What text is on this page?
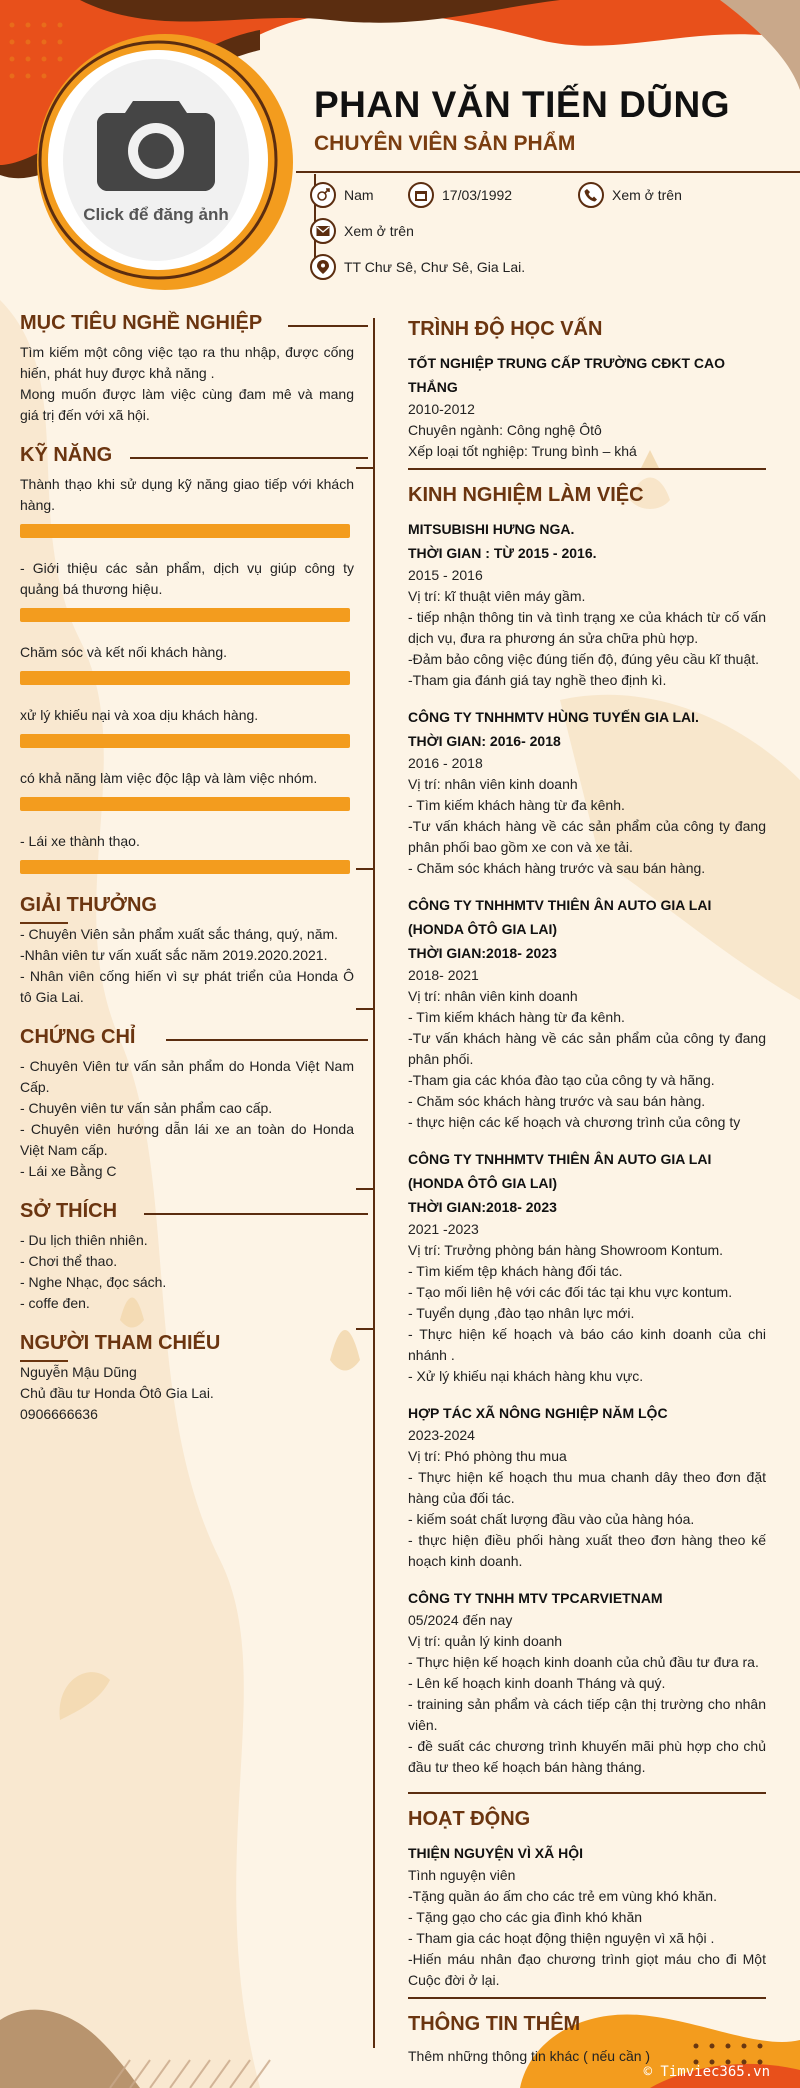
Click để đăng ảnh
PHAN VĂN TIẾN DŨNG
CHUYÊN VIÊN SẢN PHẨM
Nam	17/03/1992	Xem ở trên
Xem ở trên
TT Chư Sê, Chư Sê, Gia Lai.
MỤC TIÊU NGHỀ NGHIỆP
Tìm kiếm một công việc tạo ra thu nhập, được cống hiến, phát huy được khả năng .
Mong muốn được làm việc cùng đam mê và mang giá trị đến với xã hội.
KỸ NĂNG
Thành thạo khi sử dụng kỹ năng giao tiếp với khách hàng.
- Giới thiệu các sản phẩm, dịch vụ giúp công ty quảng bá thương hiệu.
Chăm sóc và kết nối khách hàng.
xử lý khiếu nại và xoa dịu khách hàng.
có khả năng làm việc độc lập và làm việc nhóm.
- Lái xe thành thạo.
GIẢI THƯỞNG
- Chuyên Viên sản phẩm xuất sắc tháng, quý, năm.
-Nhân viên tư vấn xuất sắc năm 2019.2020.2021.
- Nhân viên cống hiến vì sự phát triển của Honda Ô tô Gia Lai.
CHỨNG CHỈ
- Chuyên Viên tư vấn sản phẩm do Honda Việt Nam Cấp.
- Chuyên viên tư vấn sản phẩm cao cấp.
- Chuyên viên hướng dẫn lái xe an toàn do Honda Việt Nam cấp.
- Lái xe Bằng C
SỞ THÍCH
- Du lịch thiên nhiên.
- Chơi thể thao.
- Nghe Nhạc, đọc sách.
- coffe đen.
NGƯỜI THAM CHIẾU
Nguyễn Mậu Dũng
Chủ đầu tư Honda Ôtô Gia Lai.
0906666636
TRÌNH ĐỘ HỌC VẤN
TỐT NGHIỆP TRUNG CẤP TRƯỜNG CĐKT CAO THẮNG
2010-2012
Chuyên ngành: Công nghệ Ôtô
Xếp loại tốt nghiệp: Trung bình – khá
KINH NGHIỆM LÀM VIỆC
MITSUBISHI HƯNG NGA.
THỜI GIAN : TỪ 2015 - 2016.
2015 - 2016
Vị trí: kĩ thuật viên máy gầm.
- tiếp nhận thông tin và tình trạng xe của khách từ cố vấn dịch vụ, đưa ra phương án sửa chữa phù hợp.
-Đảm bảo công việc đúng tiến độ, đúng yêu cầu kĩ thuật.
-Tham gia đánh giá tay nghề theo định kì.
CÔNG TY TNHHMTV HÙNG TUYẾN GIA LAI.
THỜI GIAN: 2016- 2018
2016 - 2018
Vị trí: nhân viên kinh doanh
- Tìm kiếm khách hàng từ đa kênh.
-Tư vấn khách hàng về các sản phẩm của công ty đang phân phối bao gồm xe con và xe tải.
- Chăm sóc khách hàng trước và sau bán hàng.
CÔNG TY TNHHMTV THIÊN ÂN AUTO GIA LAI
(HONDA ÔTÔ GIA LAI)
THỜI GIAN:2018- 2023
2018- 2021
Vị trí: nhân viên kinh doanh
- Tìm kiếm khách hàng từ đa kênh.
-Tư vấn khách hàng về các sản phẩm của công ty đang phân phối.
-Tham gia các khóa đào tạo của công ty và hãng.
- Chăm sóc khách hàng trước và sau bán hàng.
- thực hiện các kế hoạch và chương trình của công ty
CÔNG TY TNHHMTV THIÊN ÂN AUTO GIA LAI
(HONDA ÔTÔ GIA LAI)
THỜI GIAN:2018- 2023
2021 -2023
Vị trí: Trưởng phòng bán hàng Showroom Kontum.
- Tìm kiếm tệp khách hàng đối tác.
- Tạo mối liên hệ với các đối tác tại khu vực kontum.
- Tuyển dụng ,đào tạo nhân lực mới.
- Thực hiện kế hoạch và báo cáo kinh doanh của chi nhánh .
- Xử lý khiếu nại khách hàng khu vực.
HỢP TÁC XÃ NÔNG NGHIỆP NĂM LỘC
2023-2024
Vị trí: Phó phòng thu mua
- Thực hiện kế hoạch thu mua chanh dây theo đơn đặt hàng của đối tác.
- kiếm soát chất lượng đầu vào của hàng hóa.
- thực hiện điều phối hàng xuất theo đơn hàng theo kế hoạch kinh doanh.
CÔNG TY TNHH MTV TPCARVIETNAM
05/2024 đến nay
Vị trí: quản lý kinh doanh
- Thực hiện kế hoạch kinh doanh của chủ đầu tư đưa ra.
- Lên kế hoạch kinh doanh Tháng và quý.
- training sản phẩm và cách tiếp cận thị trường cho nhân viên.
- đề suất các chương trình khuyến mãi phù hợp cho chủ đầu tư theo kế hoạch bán hàng tháng.
HOẠT ĐỘNG
THIỆN NGUYỆN VÌ XÃ HỘI
Tình nguyện viên
-Tặng quần áo ấm cho các trẻ em vùng khó khăn.
- Tặng gạo cho các gia đình khó khăn
- Tham gia các hoạt động thiện nguyện vì xã hội .
-Hiến máu nhân đạo chương trình giọt máu cho đi Một Cuộc đời ở lại.
THÔNG TIN THÊM
Thêm những thông tin khác ( nếu cần )
© Timviec365.vn
